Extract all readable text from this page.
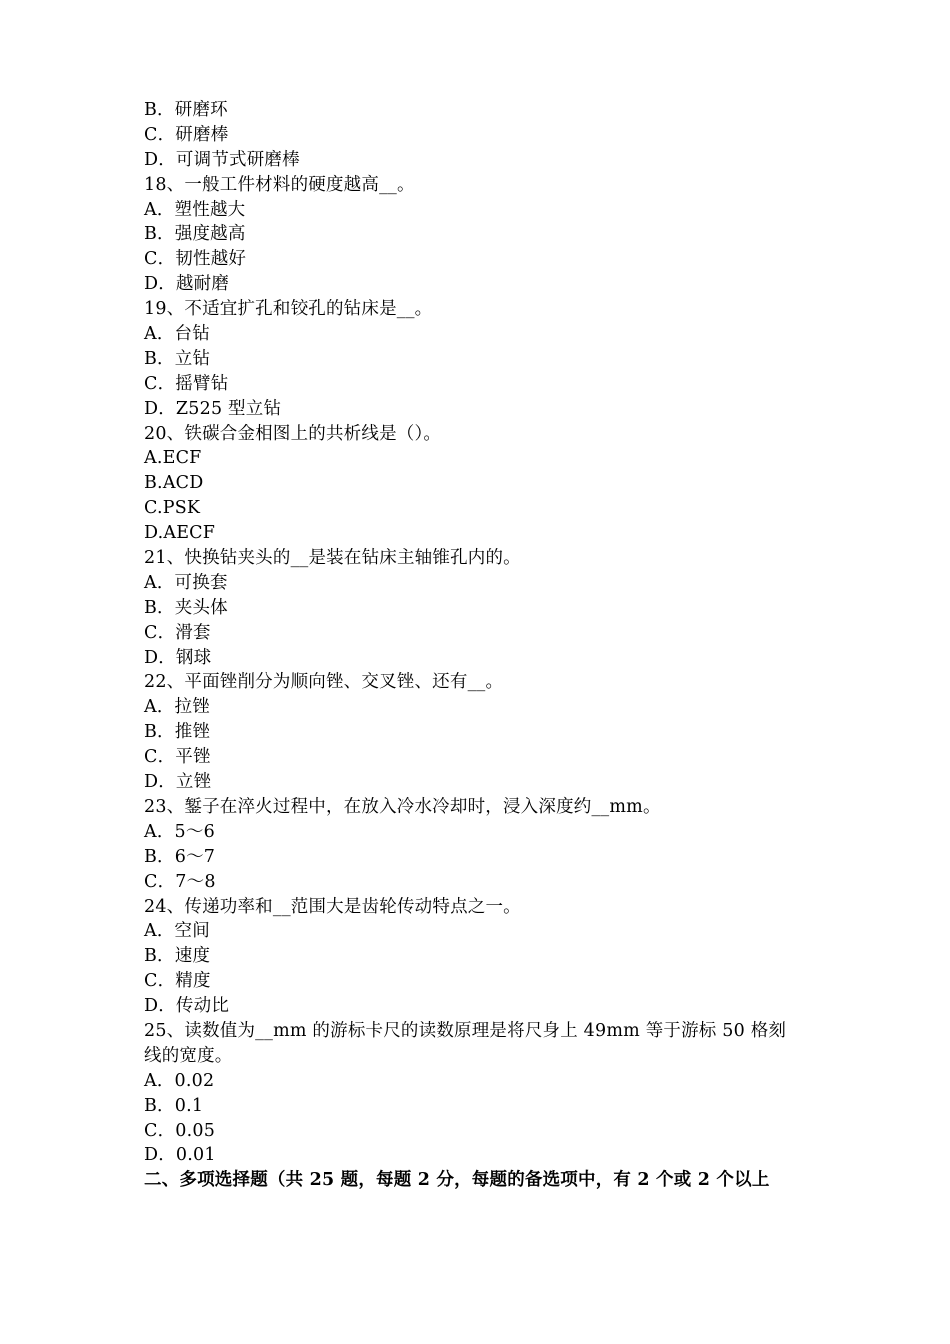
B．研磨环
C．研磨棒
D．可调节式研磨棒
18、一般工件材料的硬度越高__。
A．塑性越大
B．强度越高
C．韧性越好
D．越耐磨
19、不适宜扩孔和铰孔的钻床是__。
A．台钻
B．立钻
C．摇臂钻
D．Z525 型立钻
20、铁碳合金相图上的共析线是（）。
A.ECF
B.ACD
C.PSK
D.AECF
21、快换钻夹头的__是装在钻床主轴锥孔内的。
A．可换套
B．夹头体
C．滑套
D．钢球
22、平面锉削分为顺向锉、交叉锉、还有__。
A．拉锉
B．推锉
C．平锉
D．立锉
23、錾子在淬火过程中，在放入冷水冷却时，浸入深度约__mm。
A．5～6
B．6～7
C．7～8
24、传递功率和__范围大是齿轮传动特点之一。
A．空间
B．速度
C．精度
D．传动比
25、读数值为__mm 的游标卡尺的读数原理是将尺身上 49mm 等于游标 50 格刻
线的宽度。
A．0.02
B．0.1
C．0.05
D．0.01
二、多项选择题（共 25 题，每题 2 分，每题的备选项中，有 2 个或 2 个以上
